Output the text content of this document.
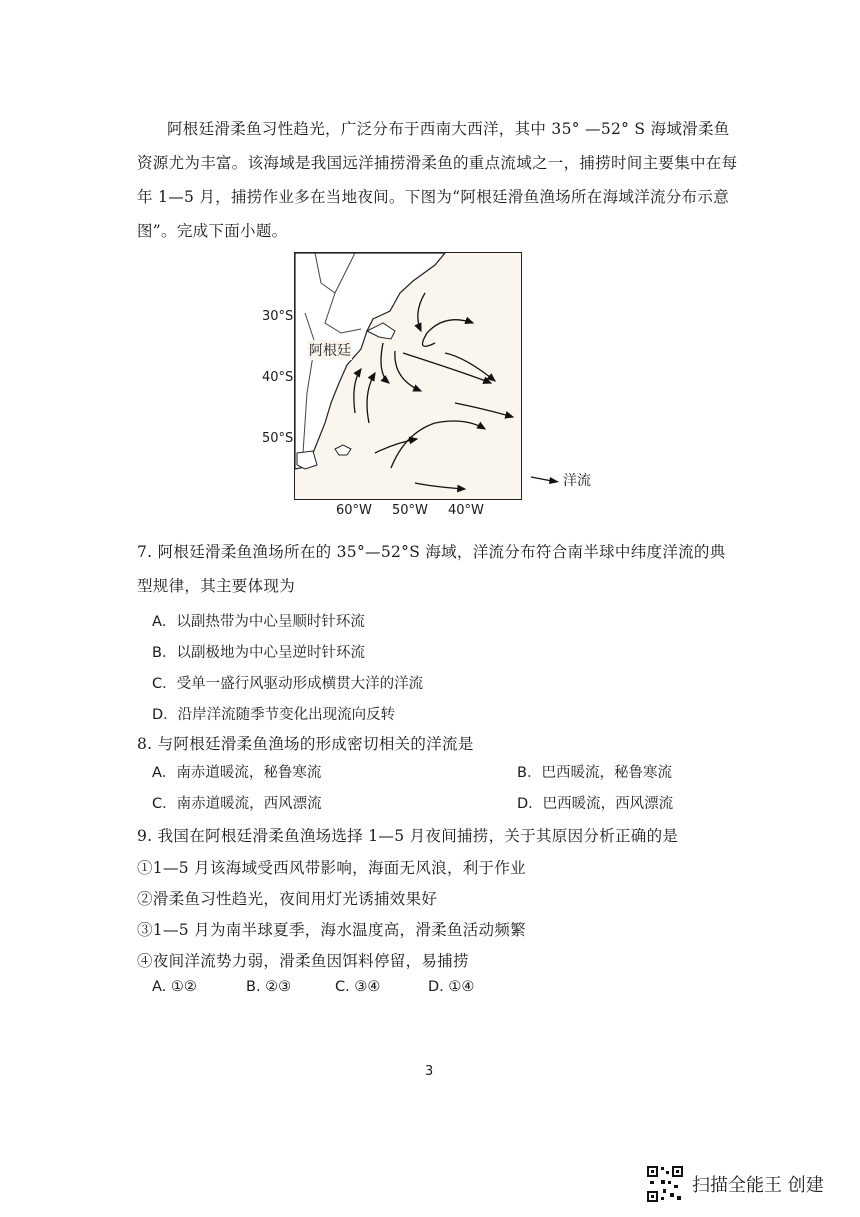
阿根廷滑柔鱼习性趋光，广泛分布于西南大西洋，其中 35° —52° S 海域滑柔鱼资源尤为丰富。该海域是我国远洋捕捞滑柔鱼的重点流域之一，捕捞时间主要集中在每年 1—5 月，捕捞作业多在当地夜间。下图为“阿根廷滑鱼渔场所在海域洋流分布示意图”。完成下面小题。

阿根廷
30°S
40°S
50°S
60°W 50°W 40°W
洋流
7. 阿根廷滑柔鱼渔场所在的 35°—52°S 海域，洋流分布符合南半球中纬度洋流的典
型规律，其主要体现为
A．以副热带为中心呈顺时针环流
B．以副极地为中心呈逆时针环流
C．受单一盛行风驱动形成横贯大洋的洋流
D．沿岸洋流随季节变化出现流向反转
8. 与阿根廷滑柔鱼渔场的形成密切相关的洋流是
A．南赤道暖流，秘鲁寒流	B．巴西暖流，秘鲁寒流
C．南赤道暖流，西风漂流	D．巴西暖流，西风漂流
9. 我国在阿根廷滑柔鱼渔场选择 1—5 月夜间捕捞，关于其原因分析正确的是
①1—5 月该海域受西风带影响，海面无风浪，利于作业
②滑柔鱼习性趋光，夜间用灯光诱捕效果好
③1—5 月为南半球夏季，海水温度高，滑柔鱼活动频繁
④夜间洋流势力弱，滑柔鱼因饵料停留，易捕捞
A. ①②	B. ②③	C. ③④	D. ①④
3
扫描全能王 创建
